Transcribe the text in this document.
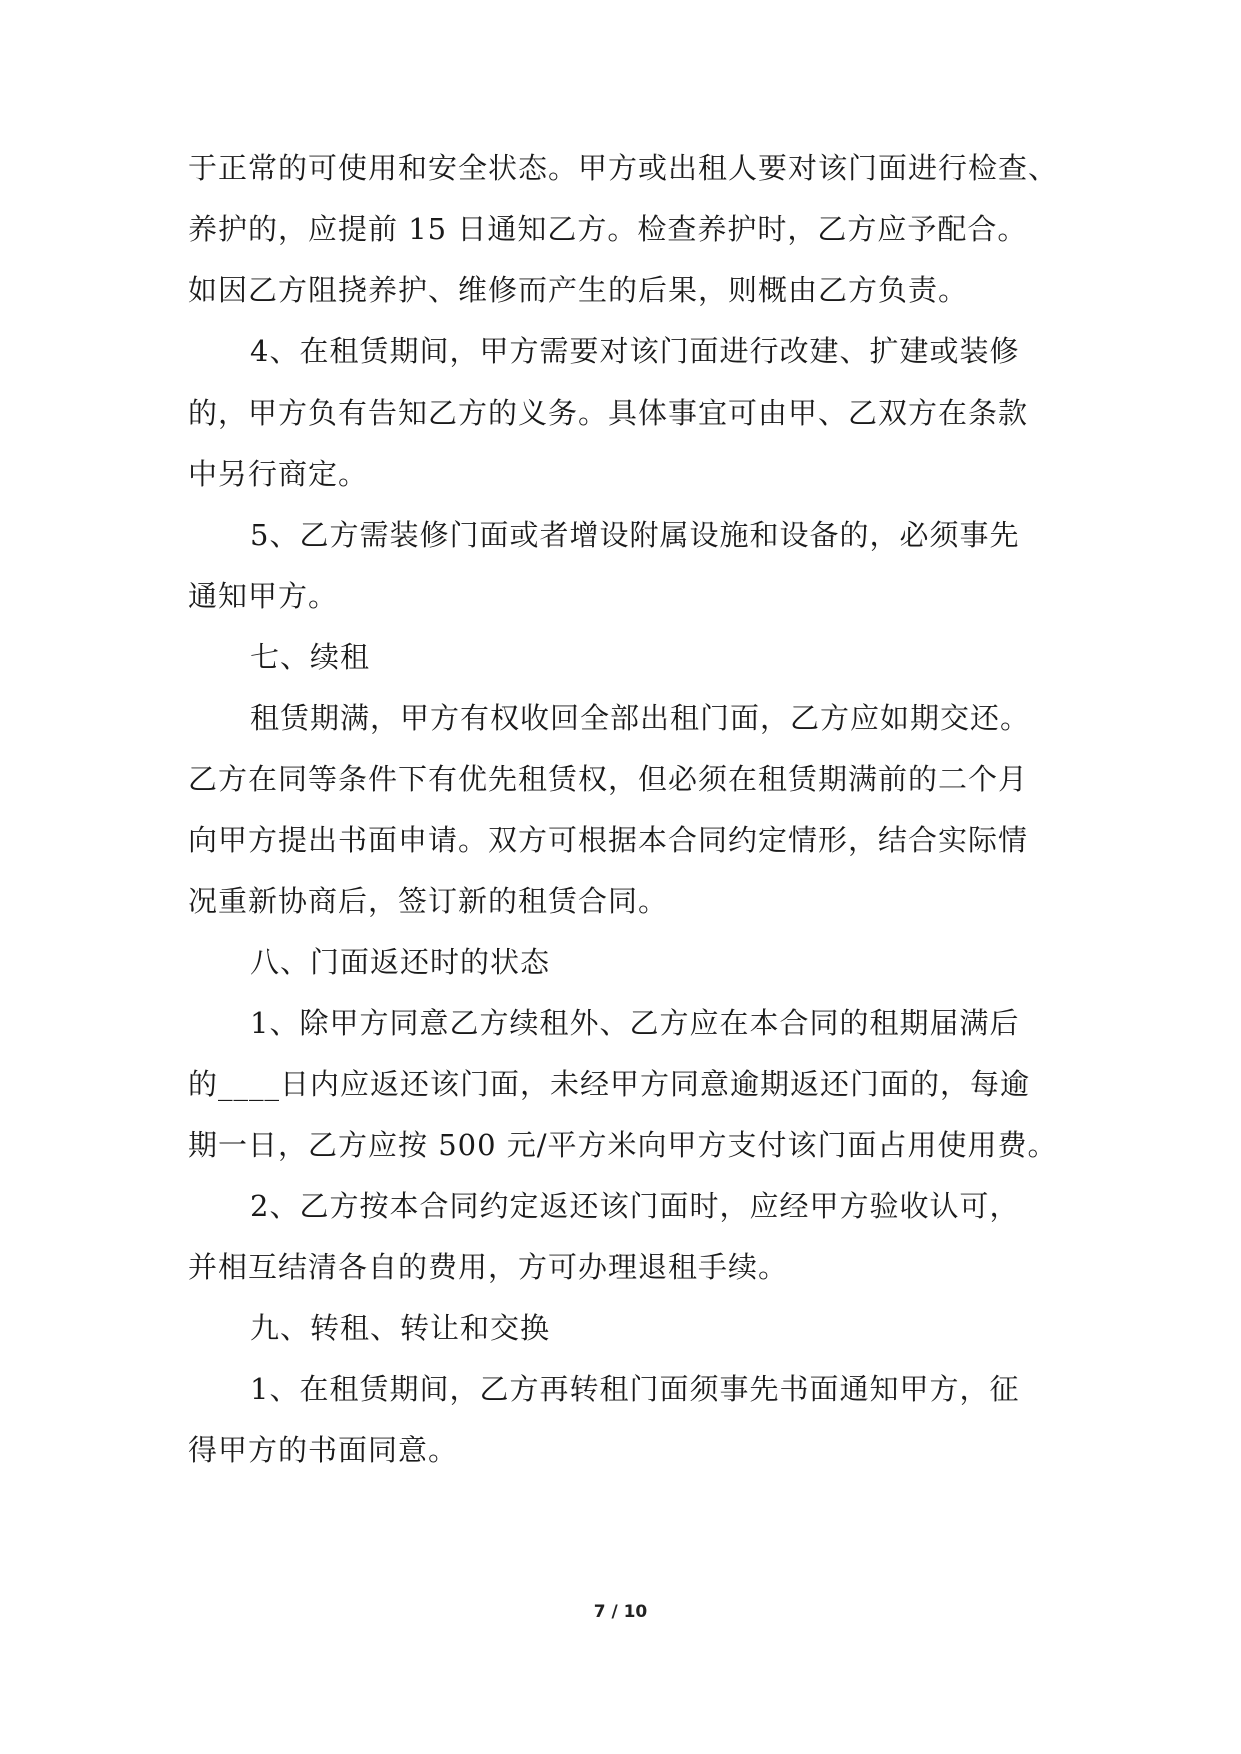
于正常的可使用和安全状态。甲方或出租人要对该门面进行检查、
养护的，应提前 15 日通知乙方。检查养护时，乙方应予配合。
如因乙方阻挠养护、维修而产生的后果，则概由乙方负责。
4、在租赁期间，甲方需要对该门面进行改建、扩建或装修
的，甲方负有告知乙方的义务。具体事宜可由甲、乙双方在条款
中另行商定。
5、乙方需装修门面或者增设附属设施和设备的，必须事先
通知甲方。
七、续租
租赁期满，甲方有权收回全部出租门面，乙方应如期交还。
乙方在同等条件下有优先租赁权，但必须在租赁期满前的二个月
向甲方提出书面申请。双方可根据本合同约定情形，结合实际情
况重新协商后，签订新的租赁合同。
八、门面返还时的状态
1、除甲方同意乙方续租外、乙方应在本合同的租期届满后
的____日内应返还该门面，未经甲方同意逾期返还门面的，每逾
期一日，乙方应按 500 元/平方米向甲方支付该门面占用使用费。
2、乙方按本合同约定返还该门面时，应经甲方验收认可，
并相互结清各自的费用，方可办理退租手续。
九、转租、转让和交换
1、在租赁期间，乙方再转租门面须事先书面通知甲方，征
得甲方的书面同意。
7 / 10
